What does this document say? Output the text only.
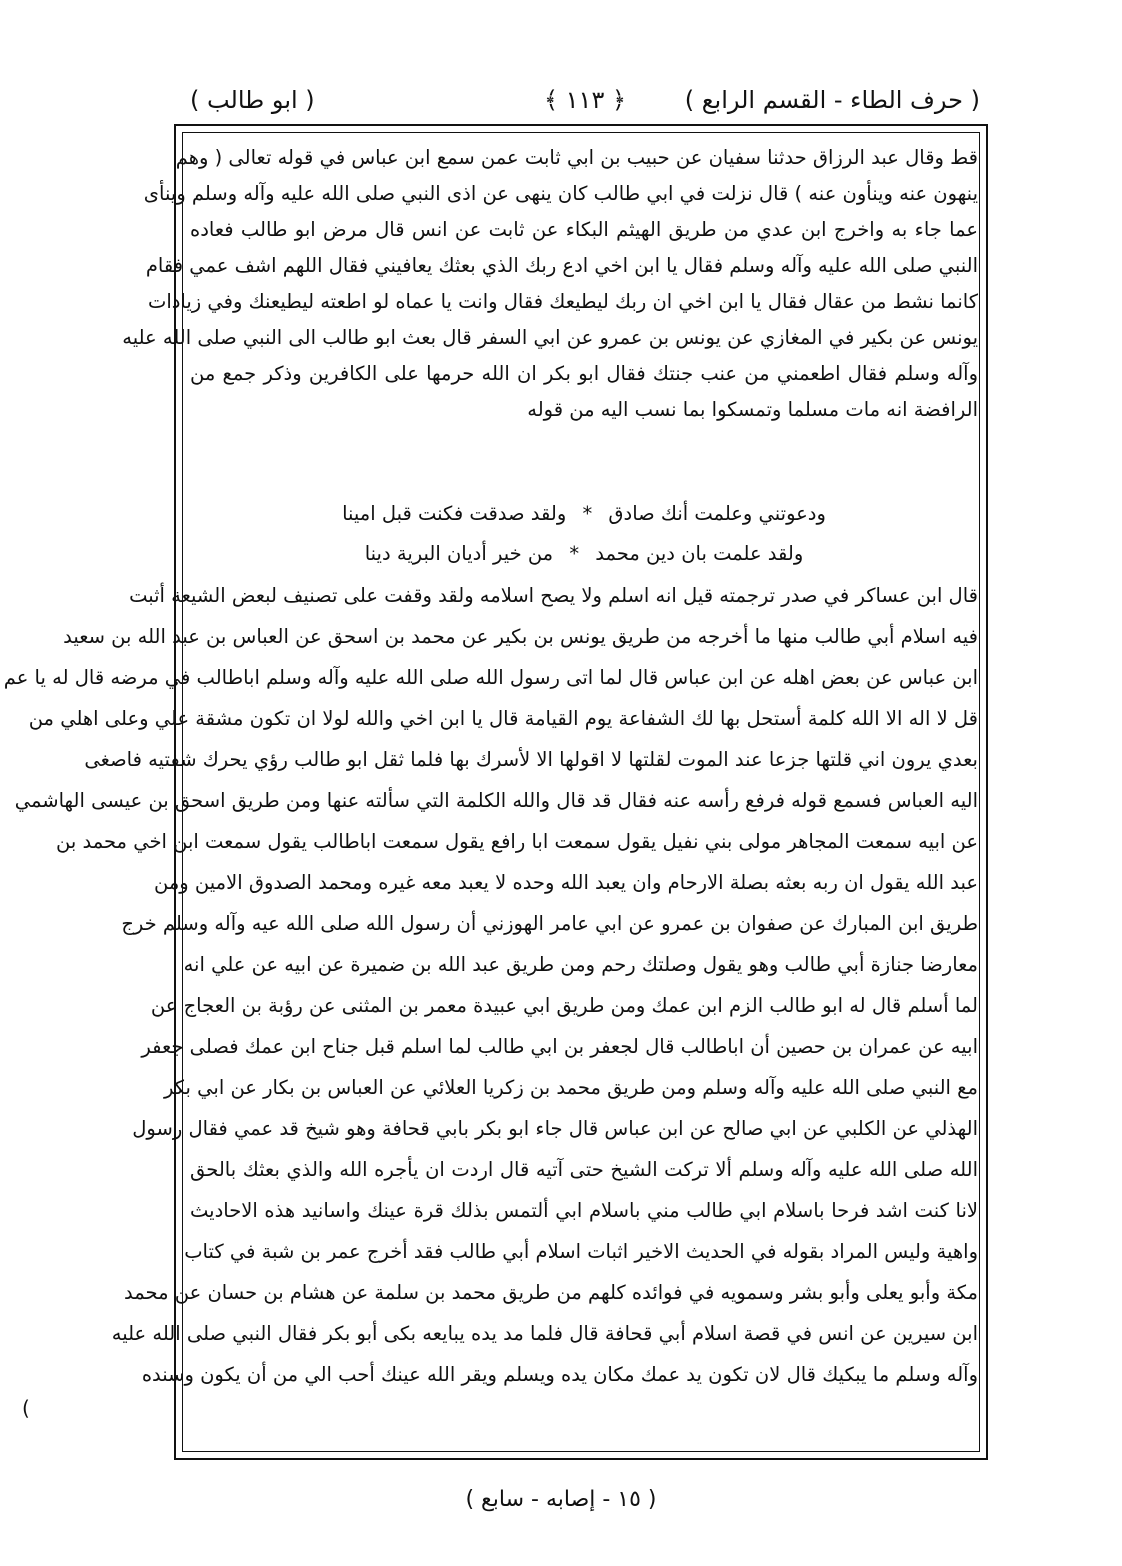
( حرف الطاء - القسم الرابع )
﴿ ١١٣ ﴾
( ابو طالب )
قط وقال عبد الرزاق حدثنا سفيان عن حبيب بن ابي ثابت عمن سمع ابن عباس في قوله تعالى ( وهم
ينهون عنه وينأون عنه ) قال نزلت في ابي طالب كان ينهى عن اذى النبي صلى الله عليه وآله وسلم وينأى
عما جاء به واخرج ابن عدي من طريق الهيثم البكاء عن ثابت عن انس قال مرض ابو طالب فعاده
النبي صلى الله عليه وآله وسلم فقال يا ابن اخي ادع ربك الذي بعثك يعافيني فقال اللهم اشف عمي فقام
كانما نشط من عقال فقال يا ابن اخي ان ربك ليطيعك فقال وانت يا عماه لو اطعته ليطيعنك وفي زيادات
يونس عن بكير في المغازي عن يونس بن عمرو عن ابي السفر قال بعث ابو طالب الى النبي صلى الله عليه
وآله وسلم فقال اطعمني من عنب جنتك فقال ابو بكر ان الله حرمها على الكافرين وذكر جمع من
الرافضة انه مات مسلما وتمسكوا بما نسب اليه من قوله
ودعوتني وعلمت أنك صادق * ولقد صدقت فكنت قبل امينا
ولقد علمت بان دين محمد * من خير أديان البرية دينا
قال ابن عساكر في صدر ترجمته قيل انه اسلم ولا يصح اسلامه ولقد وقفت على تصنيف لبعض الشيعة أثبت
فيه اسلام أبي طالب منها ما أخرجه من طريق يونس بن بكير عن محمد بن اسحق عن العباس بن عبد الله بن سعيد
ابن عباس عن بعض اهله عن ابن عباس قال لما اتى رسول الله صلى الله عليه وآله وسلم اباطالب في مرضه قال له يا عم
قل لا اله الا الله كلمة أستحل بها لك الشفاعة يوم القيامة قال يا ابن اخي والله لولا ان تكون مشقة علي وعلى اهلي من
بعدي يرون اني قلتها جزعا عند الموت لقلتها لا اقولها الا لأسرك بها فلما ثقل ابو طالب رؤي يحرك شفتيه فاصغى
اليه العباس فسمع قوله فرفع رأسه عنه فقال قد قال والله الكلمة التي سألته عنها ومن طريق اسحق بن عيسى الهاشمي
عن ابيه سمعت المجاهر مولى بني نفيل يقول سمعت ابا رافع يقول سمعت اباطالب يقول سمعت ابن اخي محمد بن
عبد الله يقول ان ربه بعثه بصلة الارحام وان يعبد الله وحده لا يعبد معه غيره ومحمد الصدوق الامين ومن
طريق ابن المبارك عن صفوان بن عمرو عن ابي عامر الهوزني أن رسول الله صلى الله عيه وآله وسلم خرج
معارضا جنازة أبي طالب وهو يقول وصلتك رحم ومن طريق عبد الله بن ضميرة عن ابيه عن علي انه
لما أسلم قال له ابو طالب الزم ابن عمك ومن طريق ابي عبيدة معمر بن المثنى عن رؤبة بن العجاج عن
ابيه عن عمران بن حصين أن اباطالب قال لجعفر بن ابي طالب لما اسلم قبل جناح ابن عمك فصلى جعفر
مع النبي صلى الله عليه وآله وسلم ومن طريق محمد بن زكريا العلائي عن العباس بن بكار عن ابي بكر
الهذلي عن الكلبي عن ابي صالح عن ابن عباس قال جاء ابو بكر بابي قحافة وهو شيخ قد عمي فقال رسول
الله صلى الله عليه وآله وسلم ألا تركت الشيخ حتى آتيه قال اردت ان يأجره الله والذي بعثك بالحق
لانا كنت اشد فرحا باسلام ابي طالب مني باسلام ابي ألتمس بذلك قرة عينك واسانيد هذه الاحاديث
واهية وليس المراد بقوله في الحديث الاخير اثبات اسلام أبي طالب فقد أخرج عمر بن شبة في كتاب
مكة وأبو يعلى وأبو بشر وسمويه في فوائده كلهم من طريق محمد بن سلمة عن هشام بن حسان عن محمد
ابن سيرين عن انس في قصة اسلام أبي قحافة قال فلما مد يده يبايعه بكى أبو بكر فقال النبي صلى الله عليه
وآله وسلم ما يبكيك قال لان تكون يد عمك مكان يده ويسلم ويقر الله عينك أحب الي من أن يكون وسنده
(
( ١٥ - إصابه - سابع )
